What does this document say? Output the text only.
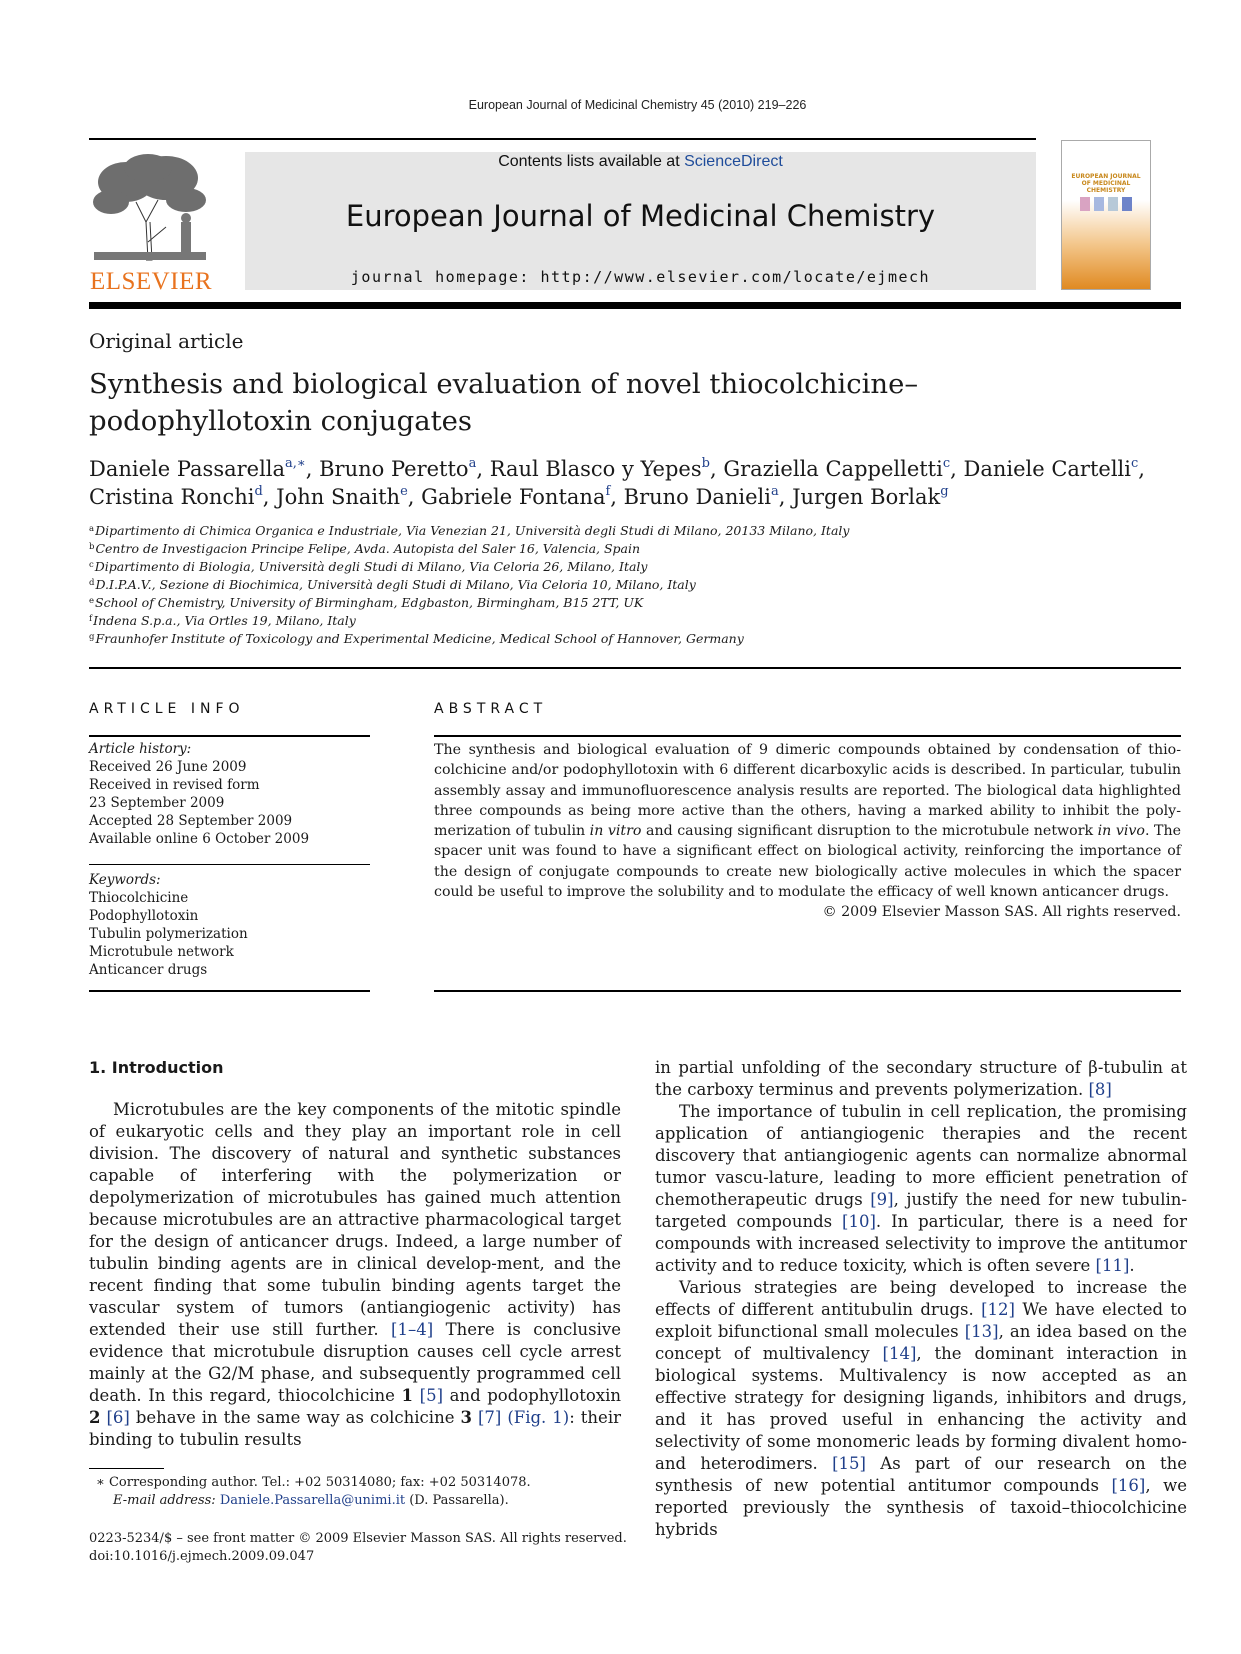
European Journal of Medicinal Chemistry 45 (2010) 219–226
ELSEVIER
Contents lists available at ScienceDirect
European Journal of Medicinal Chemistry
journal homepage: http://www.elsevier.com/locate/ejmech
EUROPEAN JOURNAL OF MEDICINAL CHEMISTRY
Original article
Synthesis and biological evaluation of novel thiocolchicine–
podophyllotoxin conjugates
Daniele Passarella$^{a,∗}$, Bruno Peretto$^a$, Raul Blasco y Yepes$^b$, Graziella Cappelletti$^c$, Daniele Cartelli$^c$,
Cristina Ronchi$^d$, John Snaith$^e$, Gabriele Fontana$^f$, Bruno Danieli$^a$, Jurgen Borlak$^g$
$^a$Dipartimento di Chimica Organica e Industriale, Via Venezian 21, Università degli Studi di Milano, 20133 Milano, Italy
$^b$Centro de Investigacion Principe Felipe, Avda. Autopista del Saler 16, Valencia, Spain
$^c$Dipartimento di Biologia, Università degli Studi di Milano, Via Celoria 26, Milano, Italy
$^d$D.I.P.A.V., Sezione di Biochimica, Università degli Studi di Milano, Via Celoria 10, Milano, Italy
$^e$School of Chemistry, University of Birmingham, Edgbaston, Birmingham, B15 2TT, UK
$^f$Indena S.p.a., Via Ortles 19, Milano, Italy
$^g$Fraunhofer Institute of Toxicology and Experimental Medicine, Medical School of Hannover, Germany
ARTICLE INFO	ABSTRACT
Article history:
Received 26 June 2009
Received in revised form
23 September 2009
Accepted 28 September 2009
Available online 6 October 2009
Keywords:
Thiocolchicine
Podophyllotoxin
Tubulin polymerization
Microtubule network
Anticancer drugs
The synthesis and biological evaluation of 9 dimeric compounds obtained by condensation of thio-colchicine and/or podophyllotoxin with 6 different dicarboxylic acids is described. In particular, tubulin assembly assay and immunofluorescence analysis results are reported. The biological data highlighted three compounds as being more active than the others, having a marked ability to inhibit the poly-merization of tubulin in vitro and causing significant disruption to the microtubule network in vivo. The spacer unit was found to have a significant effect on biological activity, reinforcing the importance of the design of conjugate compounds to create new biologically active molecules in which the spacer could be useful to improve the solubility and to modulate the efficacy of well known anticancer drugs.
© 2009 Elsevier Masson SAS. All rights reserved.

1. Introduction

Microtubules are the key components of the mitotic spindle of eukaryotic cells and they play an important role in cell division. The discovery of natural and synthetic substances capable of interfering with the polymerization or depolymerization of microtubules has gained much attention because microtubules are an attractive pharmacological target for the design of anticancer drugs. Indeed, a large number of tubulin binding agents are in clinical develop-ment, and the recent finding that some tubulin binding agents target the vascular system of tumors (antiangiogenic activity) has extended their use still further. [1–4] There is conclusive evidence that microtubule disruption causes cell cycle arrest mainly at the G2/M phase, and subsequently programmed cell death. In this regard, thiocolchicine 1 [5] and podophyllotoxin 2 [6] behave in the same way as colchicine 3 [7] (Fig. 1): their binding to tubulin results

in partial unfolding of the secondary structure of β-tubulin at the carboxy terminus and prevents polymerization. [8]

The importance of tubulin in cell replication, the promising application of antiangiogenic therapies and the recent discovery that antiangiogenic agents can normalize abnormal tumor vascu-lature, leading to more efficient penetration of chemotherapeutic drugs [9], justify the need for new tubulin-targeted compounds [10]. In particular, there is a need for compounds with increased selectivity to improve the antitumor activity and to reduce toxicity, which is often severe [11].

Various strategies are being developed to increase the effects of different antitubulin drugs. [12] We have elected to exploit bifunctional small molecules [13], an idea based on the concept of multivalency [14], the dominant interaction in biological systems. Multivalency is now accepted as an effective strategy for designing ligands, inhibitors and drugs, and it has proved useful in enhancing the activity and selectivity of some monomeric leads by forming divalent homo- and heterodimers. [15] As part of our research on the synthesis of new potential antitumor compounds [16], we reported previously the synthesis of taxoid–thiocolchicine hybrids

∗ Corresponding author. Tel.: +02 50314080; fax: +02 50314078.
E-mail address: Daniele.Passarella@unimi.it (D. Passarella).
0223-5234/$ – see front matter © 2009 Elsevier Masson SAS. All rights reserved.
doi:10.1016/j.ejmech.2009.09.047
